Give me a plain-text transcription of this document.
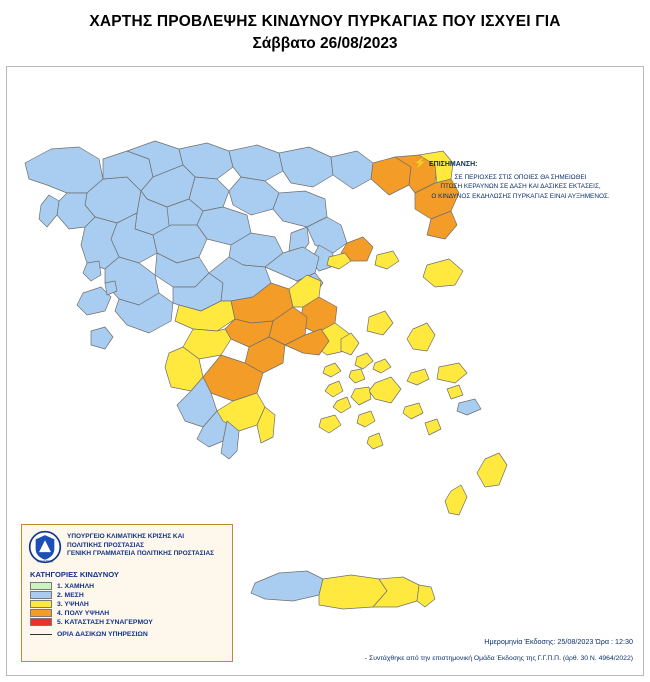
ΧΑΡΤΗΣ ΠΡΟΒΛΕΨΗΣ ΚΙΝΔΥΝΟΥ ΠΥΡΚΑΓΙΑΣ ΠΟΥ ΙΣΧΥΕΙ ΓΙΑ
Σάββατο 26/08/2023
⚡ ΕΠΙΣΗΜΑΝΣΗ:
ΣΕ ΠΕΡΙΟΧΕΣ ΣΤΙΣ ΟΠΟΙΕΣ ΘΑ ΣΗΜΕΙΩΘΕΙ
ΠΤΩΣΗ ΚΕΡΑΥΝΩΝ ΣΕ ΔΑΣΗ ΚΑΙ ΔΑΣΙΚΕΣ ΕΚΤΑΣΕΙΣ,
Ο ΚΙΝΔΥΝΟΣ ΕΚΔΗΛΩΣΗΣ ΠΥΡΚΑΓΙΑΣ ΕΙΝΑΙ ΑΥΞΗΜΕΝΟΣ.
ΠΟΛΙΤΙΚΗ
ΥΠΟΥΡΓΕΙΟ ΚΛΙΜΑΤΙΚΗΣ ΚΡΙΣΗΣ ΚΑΙ
ΠΟΛΙΤΙΚΗΣ ΠΡΟΣΤΑΣΙΑΣ
ΓΕΝΙΚΗ ΓΡΑΜΜΑΤΕΙΑ ΠΟΛΙΤΙΚΗΣ ΠΡΟΣΤΑΣΙΑΣ
ΚΑΤΗΓΟΡΙΕΣ ΚΙΝΔΥΝΟΥ
1. ΧΑΜΗΛΗ
2. ΜΕΣΗ
3. ΥΨΗΛΗ
4. ΠΟΛΥ ΥΨΗΛΗ
5. ΚΑΤΑΣΤΑΣΗ ΣΥΝΑΓΕΡΜΟΥ
ΟΡΙΑ ΔΑΣΙΚΩΝ ΥΠΗΡΕΣΙΩΝ
Ημερομηνία Έκδοσης: 25/08/2023 Ώρα : 12:30
- Συντάχθηκε από την επιστημονική Ομάδα Έκδοσης της Γ.Γ.Π.Π. (άρθ. 30 Ν. 4964/2022)
